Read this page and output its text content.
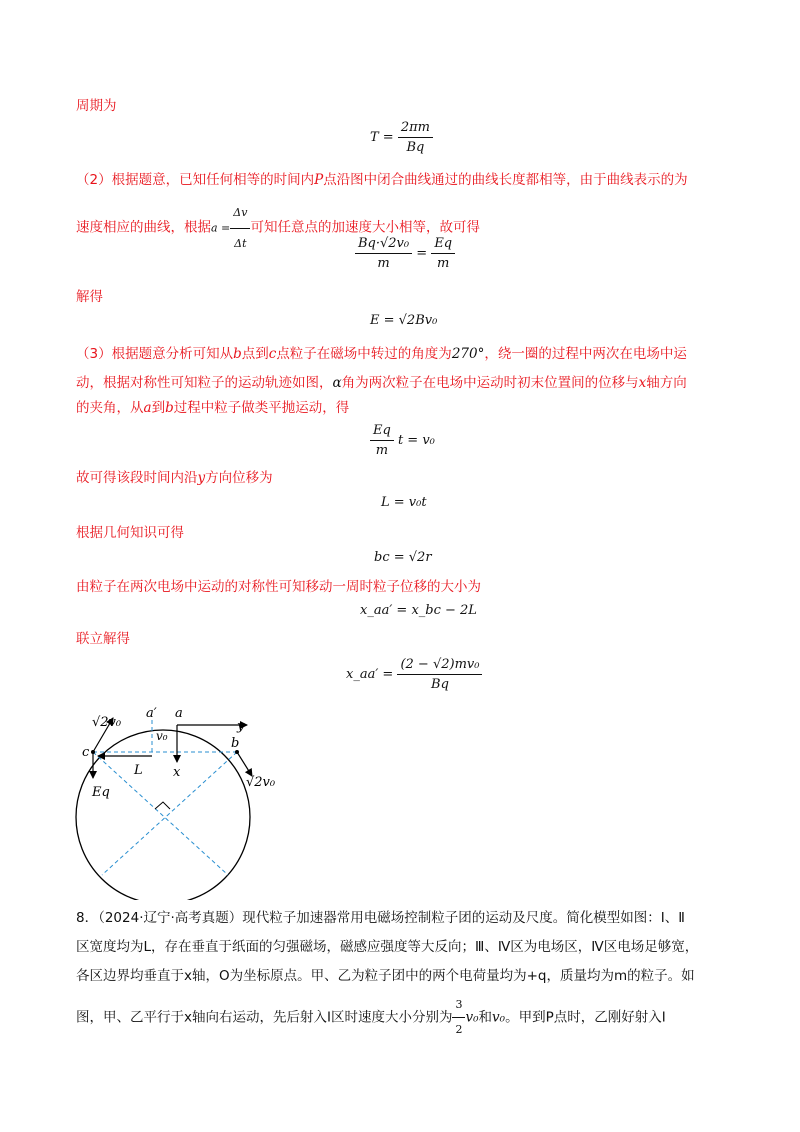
周期为
$T = \frac{2\pi m}{Bq}$
（2）根据题意，已知任何相等的时间内P点沿图中闭合曲线通过的曲线长度都相等，由于曲线表示的为
速度相应的曲线，根据$a = \frac{\Delta v}{\Delta t}$ 可知任意点的加速度大小相等，故可得
$\frac{\text{Bq·√2v₀}}{m} = \frac{Eq}{m}$
解得
E = √2Bv₀
（3）根据题意分析可知从b点到c点粒子在磁场中转过的角度为270°，绕一圈的过程中两次在电场中运
动，根据对称性可知粒子的运动轨迹如图，α角为两次粒子在电场中运动时初末位置间的位移与x轴方向
的夹角，从a到b过程中粒子做类平抛运动，得
$\frac{Eq}{m}$ t = v₀
故可得该段时间内沿y方向位移为
L = v₀t
根据几何知识可得
bc = √2r
由粒子在两次电场中运动的对称性可知移动一周时粒子位移的大小为
x_aa′ = x_bc − 2L
联立解得
x_aa′ = $\frac{\text{(2 − √2)mv₀}}{Bq}$
√2v₀
a′ a
y
v₀
c
b
L x
Eq
√2v₀
8．（2024·辽宁·高考真题）现代粒子加速器常用电磁场控制粒子团的运动及尺度。简化模型如图：Ⅰ、Ⅱ
区宽度均为L，存在垂直于纸面的匀强磁场，磁感应强度等大反向；Ⅲ、Ⅳ区为电场区，Ⅳ区电场足够宽，
各区边界均垂直于x轴，O为坐标原点。甲、乙为粒子团中的两个电荷量均为+q，质量均为m的粒子。如
图，甲、乙平行于x轴向右运动，先后射入Ⅰ区时速度大小分别为 $\frac{3}{2} v_0$和v₀。甲到P点时，乙刚好射入Ⅰ
